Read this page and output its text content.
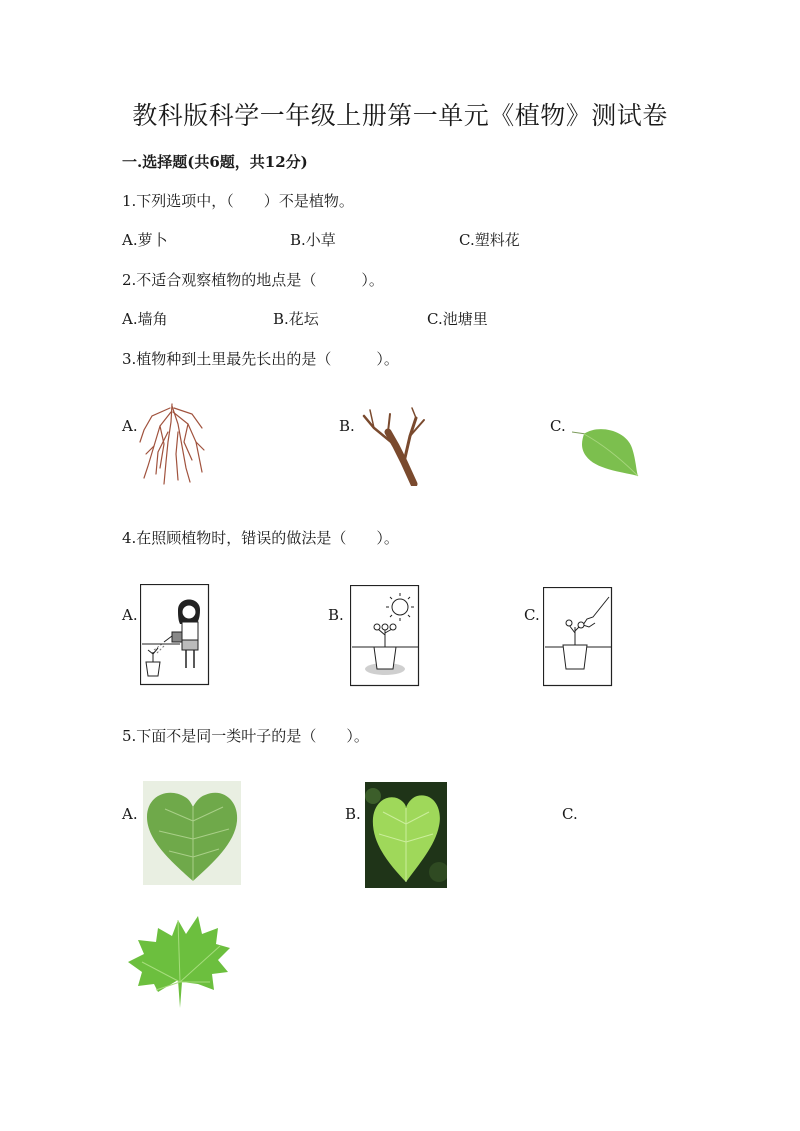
教科版科学一年级上册第一单元《植物》测试卷
一.选择题(共6题，共12分)
1.下列选项中，（　　）不是植物。
A.萝卜	B.小草	C.塑料花
2.不适合观察植物的地点是（　　　）。
A.墙角	B.花坛	C.池塘里
3.植物种到土里最先长出的是（　　　）。
A.	B.	C.
4.在照顾植物时，错误的做法是（　　）。
A.	B.	C.
5.下面不是同一类叶子的是（　　）。
A.	B.	C.
